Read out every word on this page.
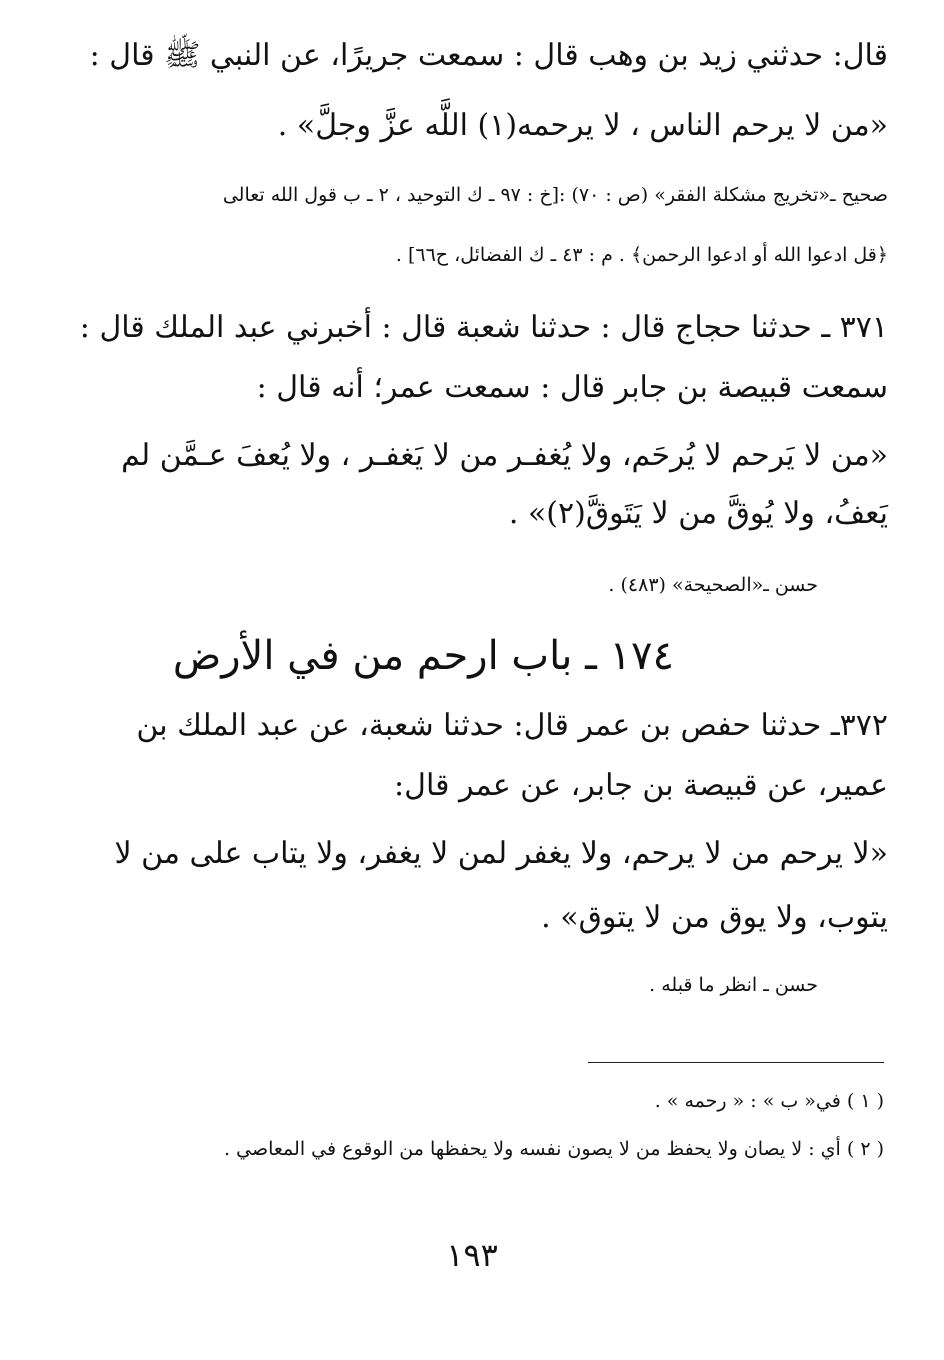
قال: حدثني زيد بن وهب قال : سمعت جريرًا، عن النبي ﷺ قال :
«من لا يرحم الناس ، لا يرحمه(١) اللَّه عزَّ وجلَّ» .
صحيح ـ«تخريج مشكلة الفقر» (ص : ٧٠) :[خ : ٩٧ ـ ك التوحيد ، ٢ ـ ب قول الله تعالى
﴿قل ادعوا الله أو ادعوا الرحمن﴾ . م : ٤٣ ـ ك الفضائل، ح٦٦] .
٣٧١ ـ حدثنا حجاج قال : حدثنا شعبة قال : أخبرني عبد الملك قال :
سمعت قبيصة بن جابر قال : سمعت عمر؛ أنه قال :
«من لا يَرحم لا يُرحَم، ولا يُغفـر من لا يَغفـر ، ولا يُعفَ عـمَّن لم
يَعفُ، ولا يُوقَّ من لا يَتَوقَّ(٢)» .
حسن ـ«الصحيحة» (٤٨٣) .
١٧٤ ـ باب ارحم من في الأرض
٣٧٢ـ حدثنا حفص بن عمر قال: حدثنا شعبة، عن عبد الملك بن
عمير، عن قبيصة بن جابر، عن عمر قال:
«لا يرحم من لا يرحم، ولا يغفر لمن لا يغفر، ولا يتاب على من لا
يتوب، ولا يوق من لا يتوق» .
حسن ـ انظر ما قبله .
( ١ ) في« ب » : « رحمه » .
( ٢ ) أي : لا يصان ولا يحفظ من لا يصون نفسه ولا يحفظها من الوقوع في المعاصي .
١٩٣
